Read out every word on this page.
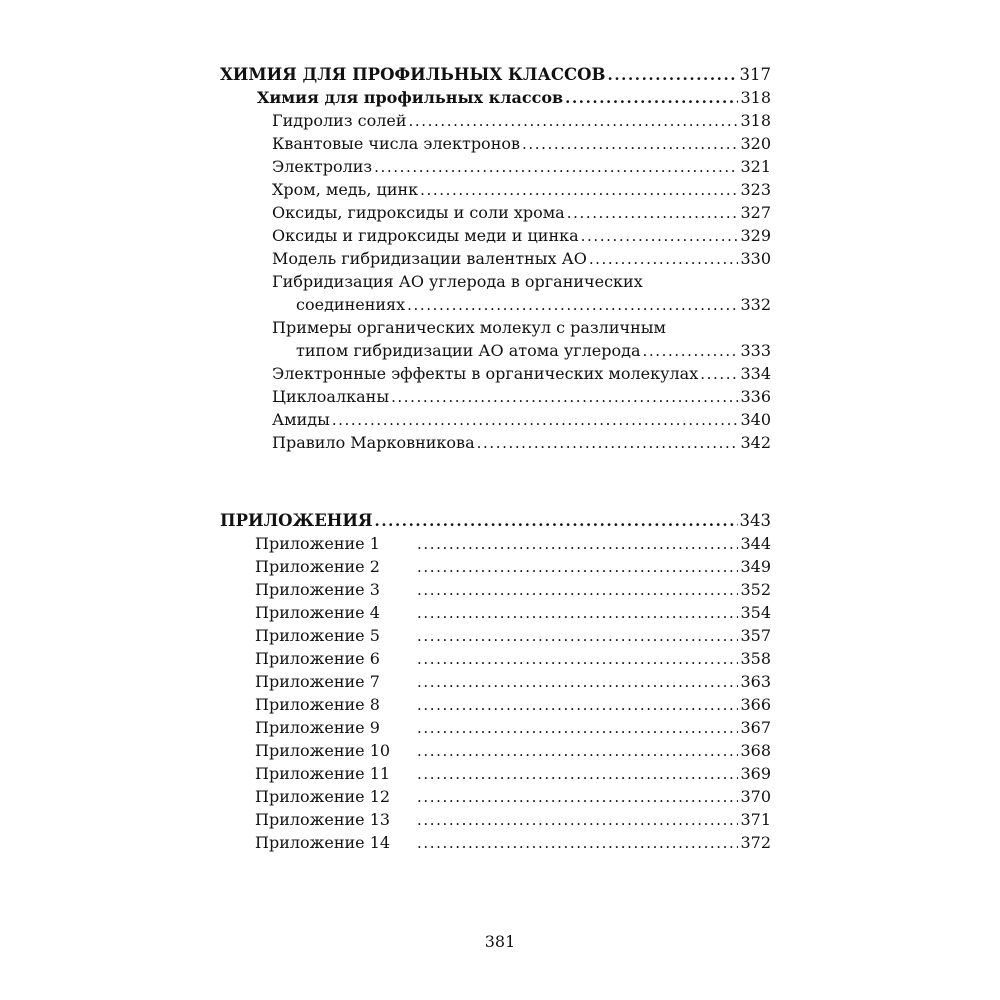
ХИМИЯ ДЛЯ ПРОФИЛЬНЫХ КЛАССОВ .....	317
Химия для профильных классов .....	318
Гидролиз солей .....	318
Квантовые числа электронов .....	320
Электролиз .....	321
Хром, медь, цинк .....	323
Оксиды, гидроксиды и соли хрома .....	327
Оксиды и гидроксиды меди и цинка .....	329
Модель гибридизации валентных АО .....	330
Гибридизация АО углерода в органических
соединениях .....	332
Примеры органических молекул с различным
типом гибридизации АО атома углерода .....	333
Электронные эффекты в органических молекулах .....	334
Циклоалканы .....	336
Амиды .....	340
Правило Марковникова .....	342
ПРИЛОЖЕНИЯ .....	343
Приложение 1 .....	344
Приложение 2 .....	349
Приложение 3 .....	352
Приложение 4 .....	354
Приложение 5 .....	357
Приложение 6 .....	358
Приложение 7 .....	363
Приложение 8 .....	366
Приложение 9 .....	367
Приложение 10 .....	368
Приложение 11 .....	369
Приложение 12 .....	370
Приложение 13 .....	371
Приложение 14 .....	372
381
